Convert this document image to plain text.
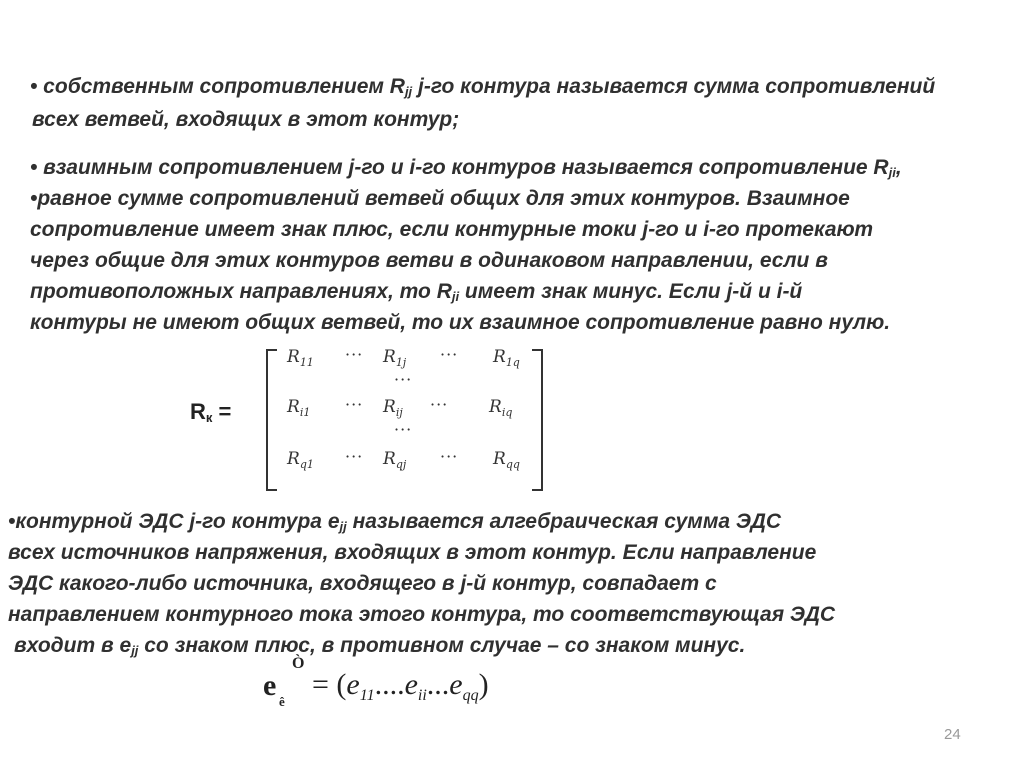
• собственным сопротивлением $R_{jj}$ j-го контура называется сумма сопротивлений
всех ветвей, входящих в этот контур;
• взаимным сопротивлением j-го и i-го контуров называется сопротивление $R_{ji}$,
•равное сумме сопротивлений ветвей общих для этих контуров. Взаимное
сопротивление имеет знак плюс, если контурные токи j-го и i-го протекают
через общие для этих контуров ветви в одинаковом направлении, если в
противоположных направлениях, то $R_{ji}$ имеет знак минус. Если j-й и i-й
контуры не имеют общих ветвей, то их взаимное сопротивление равно нулю.
$R_к$ =
$R_{11}$ ··· $R_{1j}$ ··· $R_{1q}$
···
$R_{i1}$ ··· $R_{ij}$ ··· $R_{iq}$
···
$R_{q1}$ ··· $R_{qj}$ ··· $R_{qq}$
•контурной ЭДС j-го контура $e_{jj}$ называется алгебраическая сумма ЭДС
всех источников напряжения, входящих в этот контур. Если направление
ЭДС какого-либо источника, входящего в j-й контур, совпадает с
направлением контурного тока этого контура, то соответствующая ЭДС
входит в $e_{jj}$ со знаком плюс, в противном случае – со знаком минус.
e ê
Ò
= $(e_{11}....e_{ii}...e_{qq})$
24
